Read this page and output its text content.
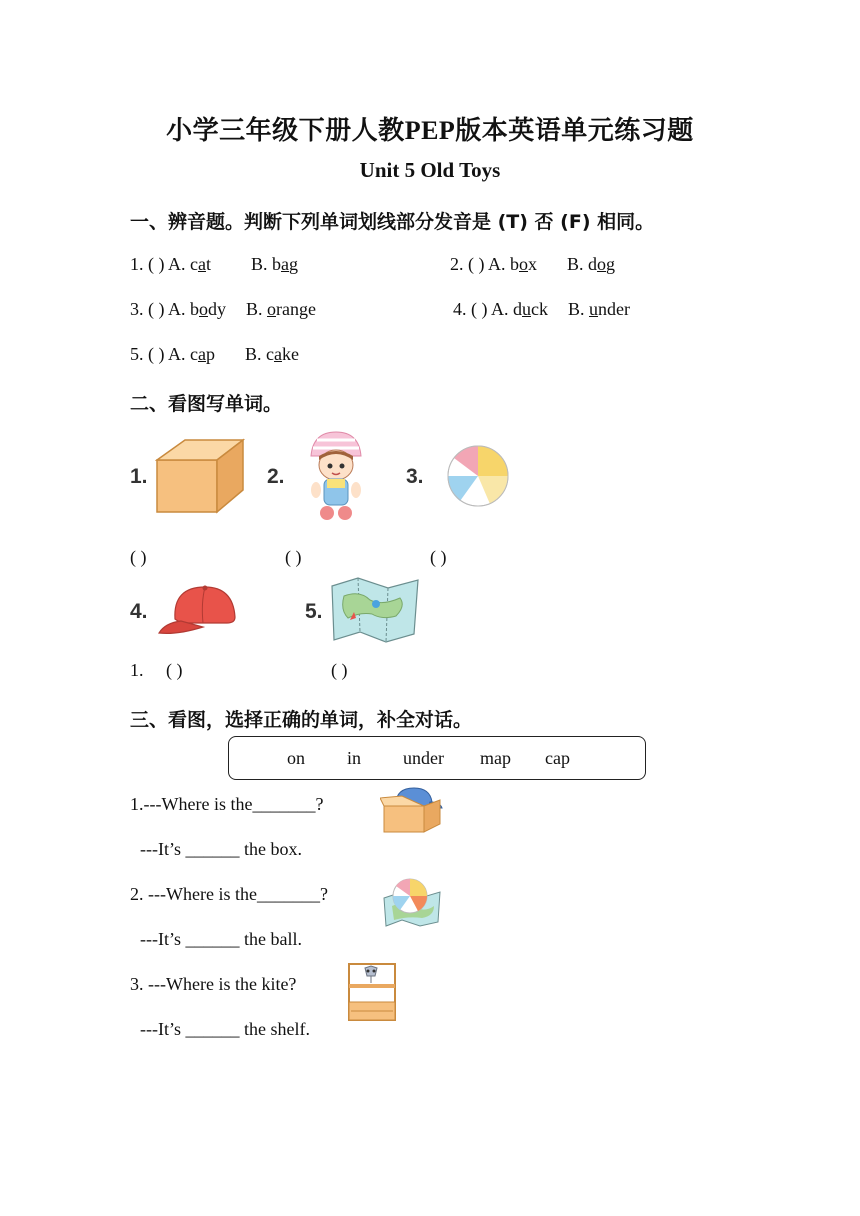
小学三年级下册人教PEP版本英语单元练习题
Unit 5 Old Toys
一、辨音题。判断下列单词划线部分发音是 (T) 否 (F) 相同。
1. ( ) A. cat B. bag	2. ( ) A. box B. dog
3. ( ) A. body B. orange	4. ( ) A. duck B. under
5. ( ) A. cap B. cake
二、看图写单词。
1.	2.	3.
4.	5.
( )	( )	( )
1. ( )	( )
三、看图，选择正确的单词，补全对话。
on in under map cap
1.---Where is the_______?
---It’s ______ the box.
2. ---Where is the_______?
---It’s ______ the ball.
3. ---Where is the kite?
---It’s ______ the shelf.
